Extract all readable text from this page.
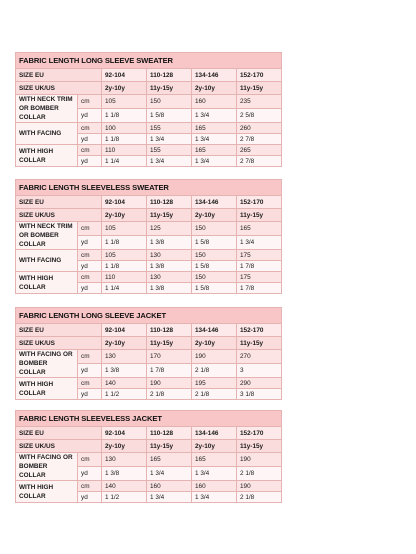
FABRIC LENGTH LONG SLEEVE SWEATER					
SIZE EU		92-104	110-128	134-146	152-170
SIZE UK/US		2y-10y	11y-15y	2y-10y	11y-15y
WITH NECK TRIM OR BOMBER COLLAR	cm	105	150	160	235
	yd	1 1/8	1 5/8	1 3/4	2 5/8
WITH FACING	cm	100	155	165	260
	yd	1 1/8	1 3/4	1 3/4	2 7/8
WITH HIGH COLLAR	cm	110	155	165	265
	yd	1 1/4	1 3/4	1 3/4	2 7/8
FABRIC LENGTH SLEEVELESS SWEATER					
SIZE EU		92-104	110-128	134-146	152-170
SIZE UK/US		2y-10y	11y-15y	2y-10y	11y-15y
WITH NECK TRIM OR BOMBER COLLAR	cm	105	125	150	165
	yd	1 1/8	1 3/8	1 5/8	1 3/4
WITH FACING	cm	105	130	150	175
	yd	1 1/8	1 3/8	1 5/8	1 7/8
WITH HIGH COLLAR	cm	110	130	150	175
	yd	1 1/4	1 3/8	1 5/8	1 7/8
FABRIC LENGTH LONG SLEEVE JACKET					
SIZE EU		92-104	110-128	134-146	152-170
SIZE UK/US		2y-10y	11y-15y	2y-10y	11y-15y
WITH FACING OR BOMBER COLLAR	cm	130	170	190	270
	yd	1 3/8	1 7/8	2 1/8	3
WITH HIGH COLLAR	cm	140	190	195	290
	yd	1 1/2	2 1/8	2 1/8	3 1/8
FABRIC LENGTH SLEEVELESS JACKET					
SIZE EU		92-104	110-128	134-146	152-170
SIZE UK/US		2y-10y	11y-15y	2y-10y	11y-15y
WITH FACING OR BOMBER COLLAR	cm	130	165	165	190
	yd	1 3/8	1 3/4	1 3/4	2 1/8
WITH HIGH COLLAR	cm	140	160	160	190
	yd	1 1/2	1 3/4	1 3/4	2 1/8
